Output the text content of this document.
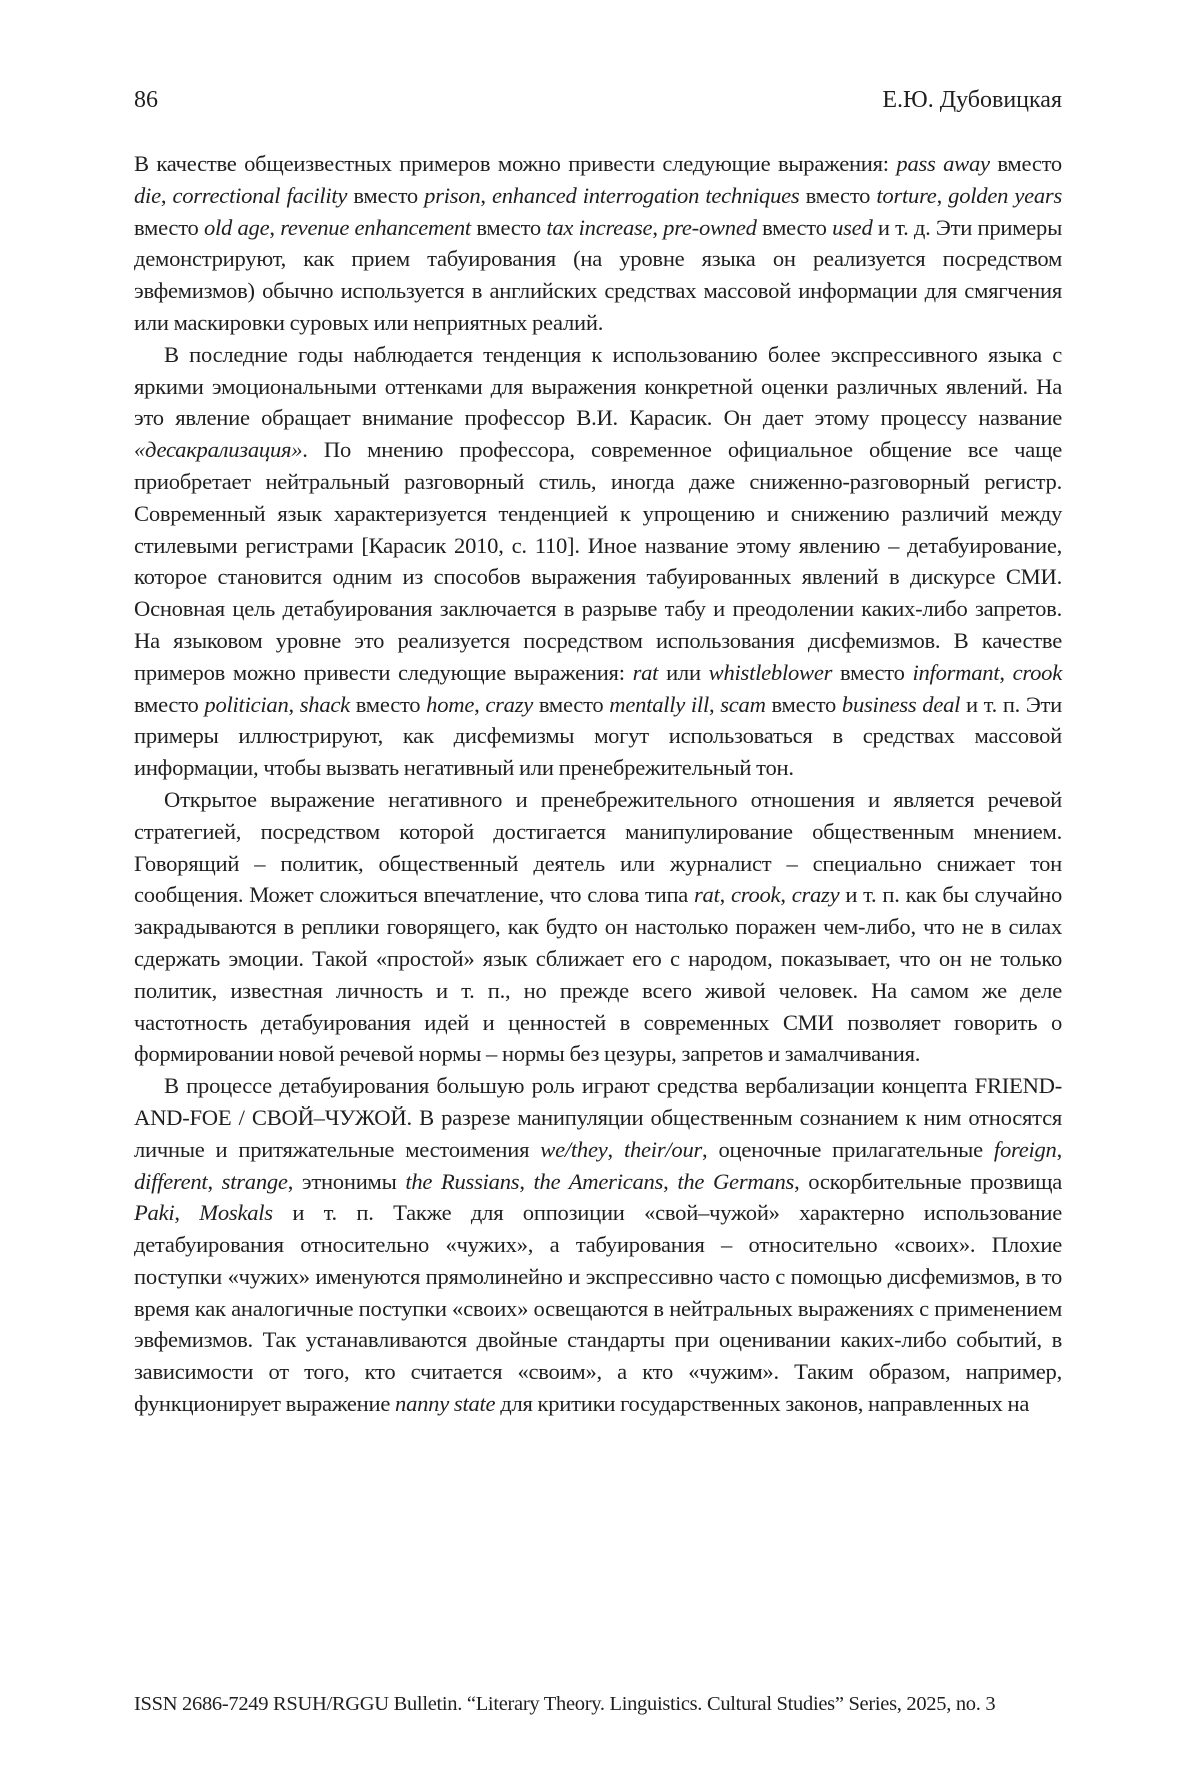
86	Е.Ю. Дубовицкая

В качестве общеизвестных примеров можно привести следующие выражения: pass away вместо die, correctional facility вместо prison, enhanced interrogation techniques вместо torture, golden years вместо old age, revenue enhancement вместо tax increase, pre-owned вместо used и т. д. Эти примеры демонстрируют, как прием табуирования (на уровне языка он реализуется посредством эвфемизмов) обычно используется в английских средствах массовой информации для смягчения или маскировки суровых или неприятных реалий.

В последние годы наблюдается тенденция к использованию более экспрессивного языка с яркими эмоциональными оттенками для выражения конкретной оценки различных явлений. На это явление обращает внимание профессор В.И. Карасик. Он дает этому процессу название «десакрализация». По мнению профессора, современное официальное общение все чаще приобретает нейтральный разговорный стиль, иногда даже сниженно-разговорный регистр. Современный язык характеризуется тенденцией к упрощению и снижению различий между стилевыми регистрами [Карасик 2010, с. 110]. Иное название этому явлению – детабуирование, которое становится одним из способов выражения табуированных явлений в дискурсе СМИ. Основная цель детабуирования заключается в разрыве табу и преодолении каких-либо запретов. На языковом уровне это реализуется посредством использования дисфемизмов. В качестве примеров можно привести следующие выражения: rat или whistleblower вместо informant, crook вместо politician, shack вместо home, crazy вместо mentally ill, scam вместо business deal и т. п. Эти примеры иллюстрируют, как дисфемизмы могут использоваться в средствах массовой информации, чтобы вызвать негативный или пренебрежительный тон.

Открытое выражение негативного и пренебрежительного отношения и является речевой стратегией, посредством которой достигается манипулирование общественным мнением. Говорящий – политик, общественный деятель или журналист – специально снижает тон сообщения. Может сложиться впечатление, что слова типа rat, crook, crazy и т. п. как бы случайно закрадываются в реплики говорящего, как будто он настолько поражен чем-либо, что не в силах сдержать эмоции. Такой «простой» язык сближает его с народом, показывает, что он не только политик, известная личность и т. п., но прежде всего живой человек. На самом же деле частотность детабуирования идей и ценностей в современных СМИ позволяет говорить о формировании новой речевой нормы – нормы без цезуры, запретов и замалчивания.

В процессе детабуирования большую роль играют средства вербализации концепта FRIEND-AND-FOE / СВОЙ–ЧУЖОЙ. В разрезе манипуляции общественным сознанием к ним относятся личные и притяжательные местоимения we/they, their/our, оценочные прилагательные foreign, different, strange, этнонимы the Russians, the Americans, the Germans, оскорбительные прозвища Paki, Moskals и т. п. Также для оппозиции «свой–чужой» характерно использование детабуирования относительно «чужих», а табуирования – относительно «своих». Плохие поступки «чужих» именуются прямолинейно и экспрессивно часто с помощью дисфемизмов, в то время как аналогичные поступки «своих» освещаются в нейтральных выражениях с применением эвфемизмов. Так устанавливаются двойные стандарты при оценивании каких-либо событий, в зависимости от того, кто считается «своим», а кто «чужим». Таким образом, например, функционирует выражение nanny state для критики государственных законов, направленных на

ISSN 2686-7249 RSUH/RGGU Bulletin. “Literary Theory. Linguistics. Cultural Studies” Series, 2025, no. 3
